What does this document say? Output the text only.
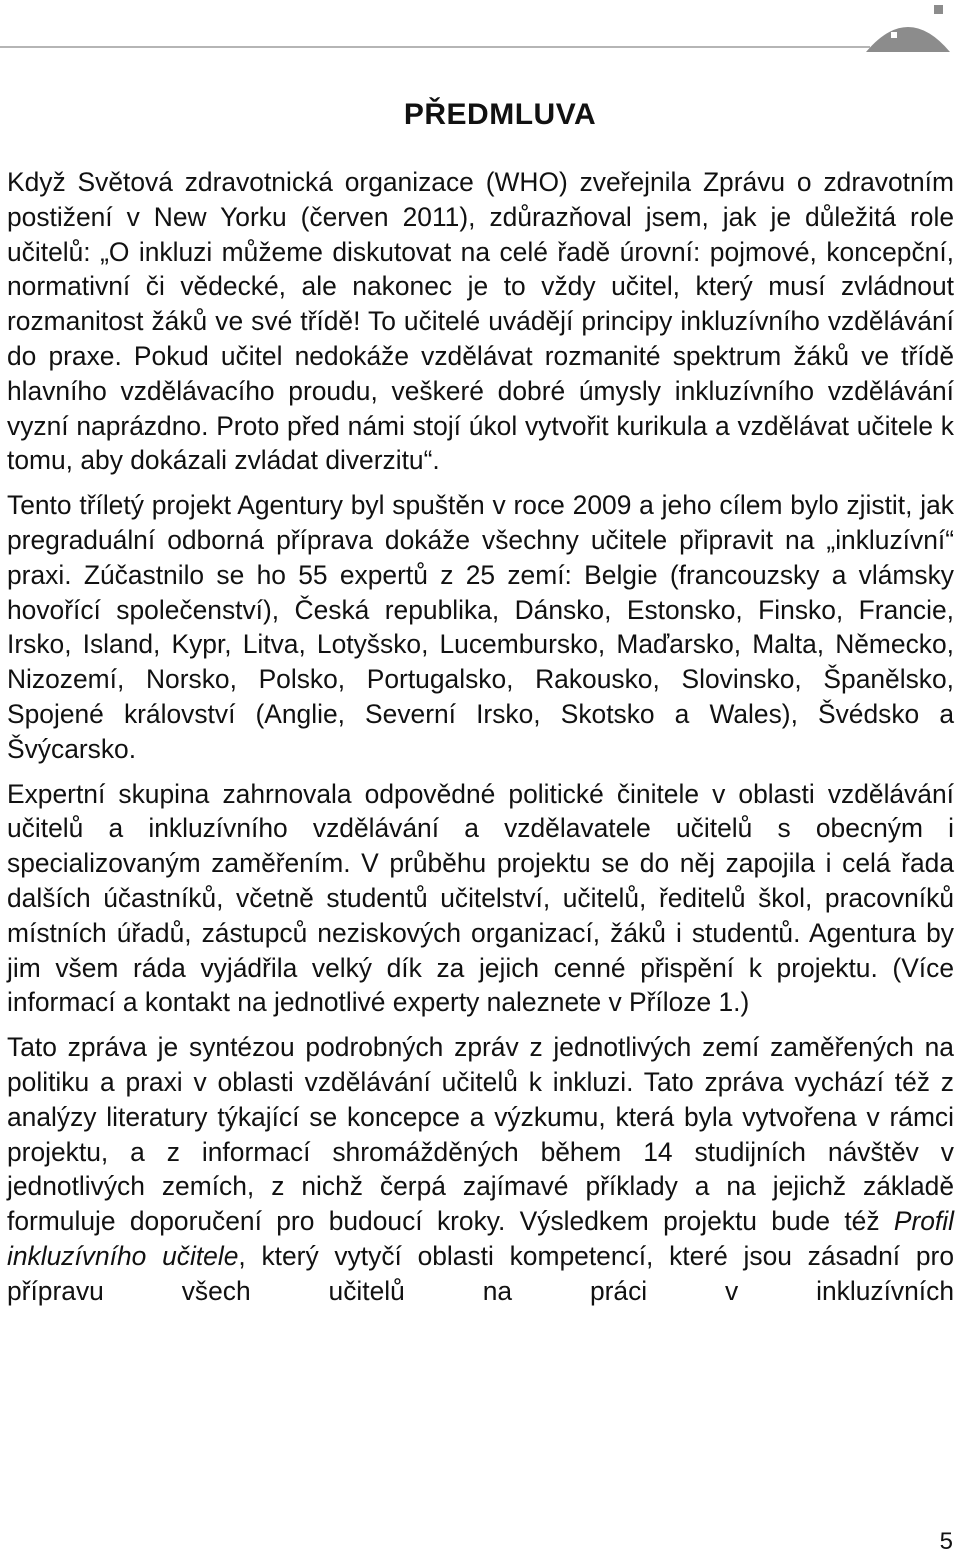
PŘEDMLUVA

Když Světová zdravotnická organizace (WHO) zveřejnila Zprávu o zdravotním postižení v New Yorku (červen 2011), zdůrazňoval jsem, jak je důležitá role učitelů: „O inkluzi můžeme diskutovat na celé řadě úrovní: pojmové, koncepční, normativní či vědecké, ale nakonec je to vždy učitel, který musí zvládnout rozmanitost žáků ve své třídě! To učitelé uvádějí principy inkluzívního vzdělávání do praxe. Pokud učitel nedokáže vzdělávat rozmanité spektrum žáků ve třídě hlavního vzdělávacího proudu, veškeré dobré úmysly inkluzívního vzdělávání vyzní naprázdno. Proto před námi stojí úkol vytvořit kurikula a vzdělávat učitele k tomu, aby dokázali zvládat diverzitu“.

Tento tříletý projekt Agentury byl spuštěn v roce 2009 a jeho cílem bylo zjistit, jak pregraduální odborná příprava dokáže všechny učitele připravit na „inkluzívní“ praxi. Zúčastnilo se ho 55 expertů z 25 zemí: Belgie (francouzsky a vlámsky hovořící společenství), Česká republika, Dánsko, Estonsko, Finsko, Francie, Irsko, Island, Kypr, Litva, Lotyšsko, Lucembursko, Maďarsko, Malta, Německo, Nizozemí, Norsko, Polsko, Portugalsko, Rakousko, Slovinsko, Španělsko, Spojené království (Anglie, Severní Irsko, Skotsko a Wales), Švédsko a Švýcarsko.

Expertní skupina zahrnovala odpovědné politické činitele v oblasti vzdělávání učitelů a inkluzívního vzdělávání a vzdělavatele učitelů s obecným i specializovaným zaměřením. V průběhu projektu se do něj zapojila i celá řada dalších účastníků, včetně studentů učitelství, učitelů, ředitelů škol, pracovníků místních úřadů, zástupců neziskových organizací, žáků i studentů. Agentura by jim všem ráda vyjádřila velký dík za jejich cenné přispění k projektu. (Více informací a kontakt na jednotlivé experty naleznete v Příloze 1.)

Tato zpráva je syntézou podrobných zpráv z jednotlivých zemí zaměřených na politiku a praxi v oblasti vzdělávání učitelů k inkluzi. Tato zpráva vychází též z analýzy literatury týkající se koncepce a výzkumu, která byla vytvořena v rámci projektu, a z informací shromážděných během 14 studijních návštěv v jednotlivých zemích, z nichž čerpá zajímavé příklady a na jejichž základě formuluje doporučení pro budoucí kroky. Výsledkem projektu bude též Profil inkluzívního učitele, který vytyčí oblasti kompetencí, které jsou zásadní pro přípravu všech učitelů na práci v inkluzívních

5
